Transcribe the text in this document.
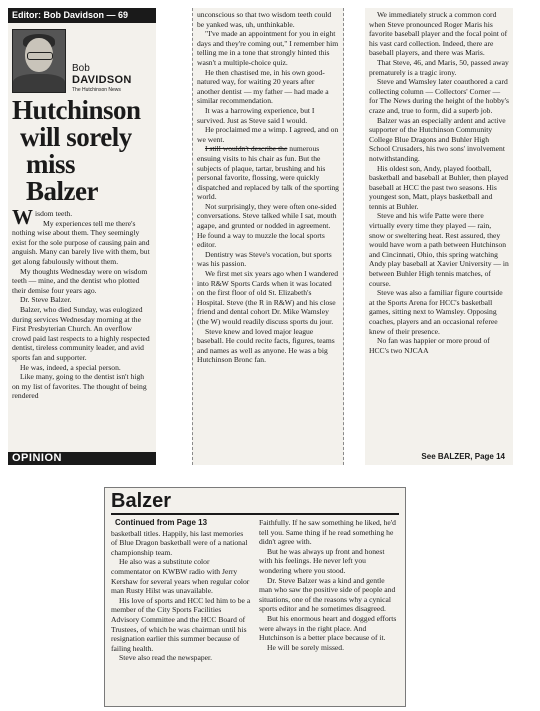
Editor: Bob Davidson — 69
Bob
DAVIDSON
The Hutchinson News
Hutchinson
will sorely
miss Balzer

Wisdom teeth.

My experiences tell me there's nothing wise about them. They seemingly exist for the sole purpose of causing pain and anguish. Many can barely live with them, but get along fabulously without them.

My thoughts Wednesday were on wisdom teeth — mine, and the dentist who plotted their demise four years ago.

Dr. Steve Balzer.

Balzer, who died Sunday, was eulogized during services Wednesday morning at the First Presbyterian Church. An overflow crowd paid last respects to a highly respected dentist, tireless community leader, and avid sports fan and supporter.

He was, indeed, a special person.

Like many, going to the dentist isn't high on my list of favorites. The thought of being rendered

OPINION

unconscious so that two wisdom teeth could be yanked was, uh, unthinkable.

"I've made an appointment for you in eight days and they're coming out," I remember him telling me in a tone that strongly hinted this wasn't a multiple-choice quiz.

He then chastised me, in his own good-natured way, for waiting 20 years after another dentist — my father — had made a similar recommendation.

It was a harrowing experience, but I survived. Just as Steve said I would.

He proclaimed me a wimp. I agreed, and on we went.

I still wouldn't describe the numerous ensuing visits to his chair as fun. But the subjects of plaque, tartar, brushing and his personal favorite, flossing, were quickly dispatched and replaced by talk of the sporting world.

Not surprisingly, they were often one-sided conversations. Steve talked while I sat, mouth agape, and grunted or nodded in agreement. He found a way to muzzle the local sports editor.

Dentistry was Steve's vocation, but sports was his passion.

We first met six years ago when I wandered into R&W Sports Cards when it was located on the first floor of old St. Elizabeth's Hospital. Steve (the R in R&W) and his close friend and dental cohort Dr. Mike Wamsley (the W) would readily discuss sports du jour.

Steve knew and loved major league baseball. He could recite facts, figures, teams and names as well as anyone. He was a big Hutchinson Bronc fan.

We immediately struck a common cord when Steve pronounced Roger Maris his favorite baseball player and the focal point of his vast card collection. Indeed, there are baseball players, and there was Maris.

That Steve, 46, and Maris, 50, passed away prematurely is a tragic irony.

Steve and Wamsley later coauthored a card collecting column — Collectors' Corner — for The News during the height of the hobby's craze and, true to form, did a superb job.

Balzer was an especially ardent and active supporter of the Hutchinson Community College Blue Dragons and Buhler High School Crusaders, his two sons' involvement notwithstanding.

His oldest son, Andy, played football, basketball and baseball at Buhler, then played baseball at HCC the past two seasons. His youngest son, Matt, plays basketball and tennis at Buhler.

Steve and his wife Patte were there virtually every time they played — rain, snow or sweltering heat. Rest assured, they would have worn a path between Hutchinson and Cincinnati, Ohio, this spring watching Andy play baseball at Xavier University — in between Buhler High tennis matches, of course.

Steve was also a familiar figure courtside at the Sports Arena for HCC's basketball games, sitting next to Wamsley. Opposing coaches, players and an occasional referee knew of their presence.

No fan was happier or more proud of HCC's two NJCAA

See BALZER, Page 14
Balzer
Continued from Page 13

basketball titles. Happily, his last memories of Blue Dragon basketball were of a national championship team.

He also was a substitute color commentator on KWBW radio with Jerry Kershaw for several years when regular color man Rusty Hilst was unavailable.

His love of sports and HCC led him to be a member of the City Sports Facilities Advisory Committee and the HCC Board of Trustees, of which he was chairman until his resignation earlier this summer because of failing health.

Steve also read the newspaper.

Faithfully. If he saw something he liked, he'd tell you. Same thing if he read something he didn't agree with.

But he was always up front and honest with his feelings. He never left you wondering where you stood.

Dr. Steve Balzer was a kind and gentle man who saw the positive side of people and situations, one of the reasons why a cynical sports editor and he sometimes disagreed.

But his enormous heart and dogged efforts were always in the right place. And Hutchinson is a better place because of it.

He will be sorely missed.
